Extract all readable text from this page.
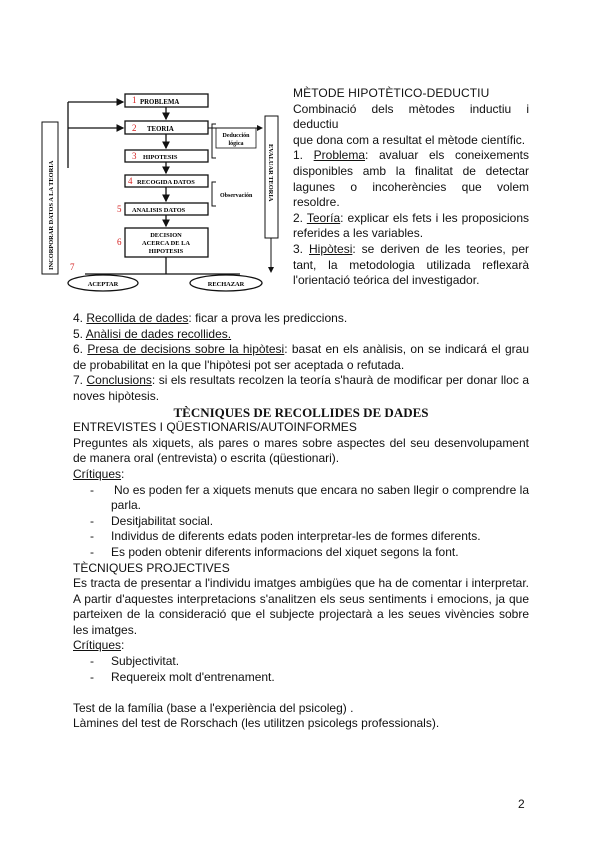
INCORPORAR DATOS A LA TEORIA	EVALUAR TEORIA
1 PROBLEMA
2 TEORIA
3 HIPOTESIS
4 RECOGIDA DATOS
5 ANALISIS DATOS
6
DECISION
ACERCA DE LA
HIPOTESIS
Deducción
lógica
Observación
7
ACEPTAR	RECHAZAR

MÈTODE HIPOTÈTICO-DEDUCTIU

Combinació dels mètodes inductiu i deductiu

que dona com a resultat el mètode científic.

1. Problema: avaluar els coneixements disponibles amb la finalitat de detectar lagunes o incoherències que volem resoldre.

2. Teoría: explicar els fets i les proposicions referides a les variables.

3. Hipòtesi: se deriven de les teories, per tant, la metodologia utilizada reflexarà l'orientació teórica del investigador.

4. Recollida de dades: ficar a prova les prediccions.

5. Anàlisi de dades recollides.

6. Presa de decisions sobre la hipòtesi: basat en els anàlisis, on se indicará el grau de probabilitat en la que l'hipòtesi pot ser aceptada o refutada.

7. Conclusions: si els resultats recolzen la teoría s'haurà de modificar per donar lloc a noves hipòtesis.

TÈCNIQUES DE RECOLLIDES DE DADES

ENTREVISTES I QÜESTIONARIS/AUTOINFORMES

Preguntes als xiquets, als pares o mares sobre aspectes del seu desenvolupament de manera oral (entrevista) o escrita (qüestionari).

Crítiques:

- No es poden fer a xiquets menuts que encara no saben llegir o comprendre la parla.
- Desitjabilitat social.
- Individus de diferents edats poden interpretar-les de formes diferents.
- Es poden obtenir diferents informacions del xiquet segons la font.

TÈCNIQUES PROJECTIVES

Es tracta de presentar a l'individu imatges ambigües que ha de comentar i interpretar. A partir d'aquestes interpretacions s'analitzen els seus sentiments i emocions, ja que parteixen de la consideració que el subjecte projectarà a les seues vivències sobre les imatges.

Crítiques:

- Subjectivitat.
- Requereix molt d'entrenament.

Test de la família (base a l'experiència del psicoleg) .

Làmines del test de Rorschach (les utilitzen psicolegs professionals).

2
